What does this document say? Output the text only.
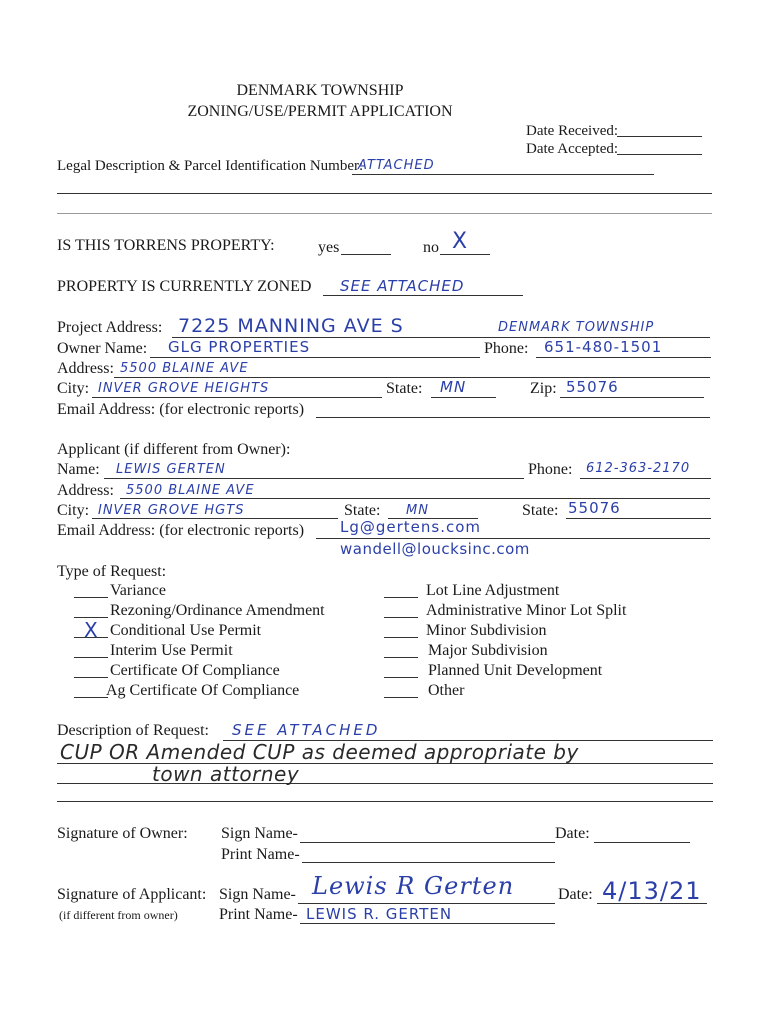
DENMARK TOWNSHIP
ZONING/USE/PERMIT APPLICATION
Date Received:
Date Accepted:
Legal Description & Parcel Identification Number:
ATTACHED
IS THIS TORRENS PROPERTY:	yes	no X
PROPERTY IS CURRENTLY ZONED SEE ATTACHED
Project Address: 7225 MANNING AVE S	DENMARK TOWNSHIP
Owner Name: GLG PROPERTIES	Phone: 651-480-1501
Address: 5500 BLAINE AVE
City: INVER GROVE HEIGHTS	State: MN	Zip: 55076
Email Address: (for electronic reports)
Applicant (if different from Owner):
Name: LEWIS GERTEN	Phone: 612-363-2170
Address: 5500 BLAINE AVE
City: INVER GROVE HGTS	State: MN	State: 55076
Email Address: (for electronic reports) Lg@gertens.com
wandell@loucksinc.com
Type of Request:
Variance
Rezoning/Ordinance Amendment
X Conditional Use Permit
Interim Use Permit
Certificate Of Compliance
Ag Certificate Of Compliance
Lot Line Adjustment
Administrative Minor Lot Split
Minor Subdivision
Major Subdivision
Planned Unit Development
Other
Description of Request: SEE ATTACHED
CUP OR Amended CUP as deemed appropriate by
town attorney
Signature of Owner: Sign Name-	Date:
Print Name-
Signature of Applicant: Sign Name- Lewis R Gerten	Date: 4/13/21
(if different from owner)	Print Name- LEWIS R. GERTEN
